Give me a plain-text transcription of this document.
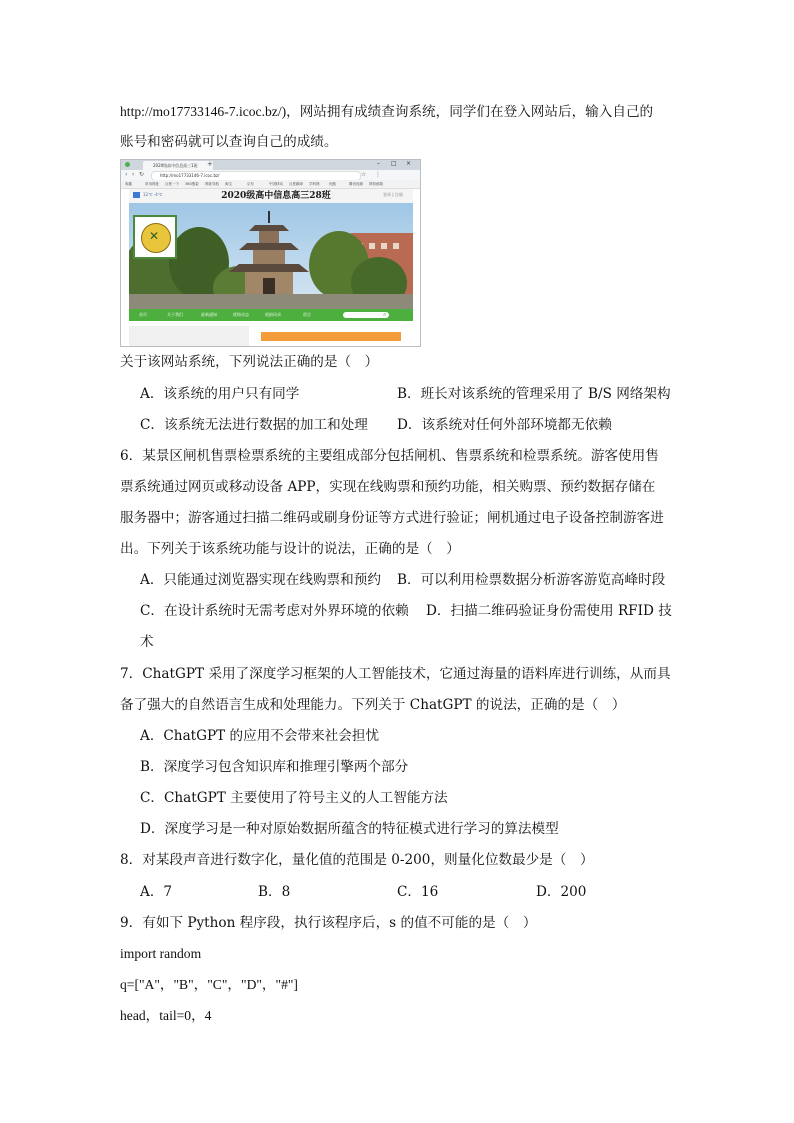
http://mo17733146-7.icoc.bz/)，网站拥有成绩查询系统，同学们在登入网站后，输入自己的
账号和密码就可以查询自己的成绩。
2020级高中信息高三1班	+	– □ ×
‹ › ↻	http://mo17733146-7.icoc.bz/	☆ ⋮
12℃ -4℃	2020级高中信息高三28班	登录 | 注册
✕
⌕
收藏	常用网址 百度一下 360搜索 网址导航 淘宝	京东	中国移动 百度翻译 学科网	优酷	腾讯视频 网易邮箱
首页	关于我们	最新通知	班级动态	相册风采	留言
关于该网站系统，下列说法正确的是（　）
A．该系统的用户只有同学	B．班长对该系统的管理采用了 B/S 网络架构
C．该系统无法进行数据的加工和处理 D．该系统对任何外部环境都无依赖
6．某景区闸机售票检票系统的主要组成部分包括闸机、售票系统和检票系统。游客使用售
票系统通过网页或移动设备 APP，实现在线购票和预约功能，相关购票、预约数据存储在
服务器中；游客通过扫描二维码或刷身份证等方式进行验证；闸机通过电子设备控制游客进
出。下列关于该系统功能与设计的说法，正确的是（　）
A．只能通过浏览器实现在线购票和预约 B．可以利用检票数据分析游客游览高峰时段
C．在设计系统时无需考虑对外界环境的依赖 D．扫描二维码验证身份需使用 RFID 技
术
7．ChatGPT 采用了深度学习框架的人工智能技术，它通过海量的语料库进行训练，从而具
备了强大的自然语言生成和处理能力。下列关于 ChatGPT 的说法，正确的是（　）
A．ChatGPT 的应用不会带来社会担忧
B．深度学习包含知识库和推理引擎两个部分
C．ChatGPT 主要使用了符号主义的人工智能方法
D．深度学习是一种对原始数据所蕴含的特征模式进行学习的算法模型
8．对某段声音进行数字化，量化值的范围是 0-200，则量化位数最少是（　）
A．7	B．8	C．16	D．200
9．有如下 Python 程序段，执行该程序后，s 的值不可能的是（　）
import random
q=["A"，"B"，"C"，"D"，"#"]
head，tail=0，4
